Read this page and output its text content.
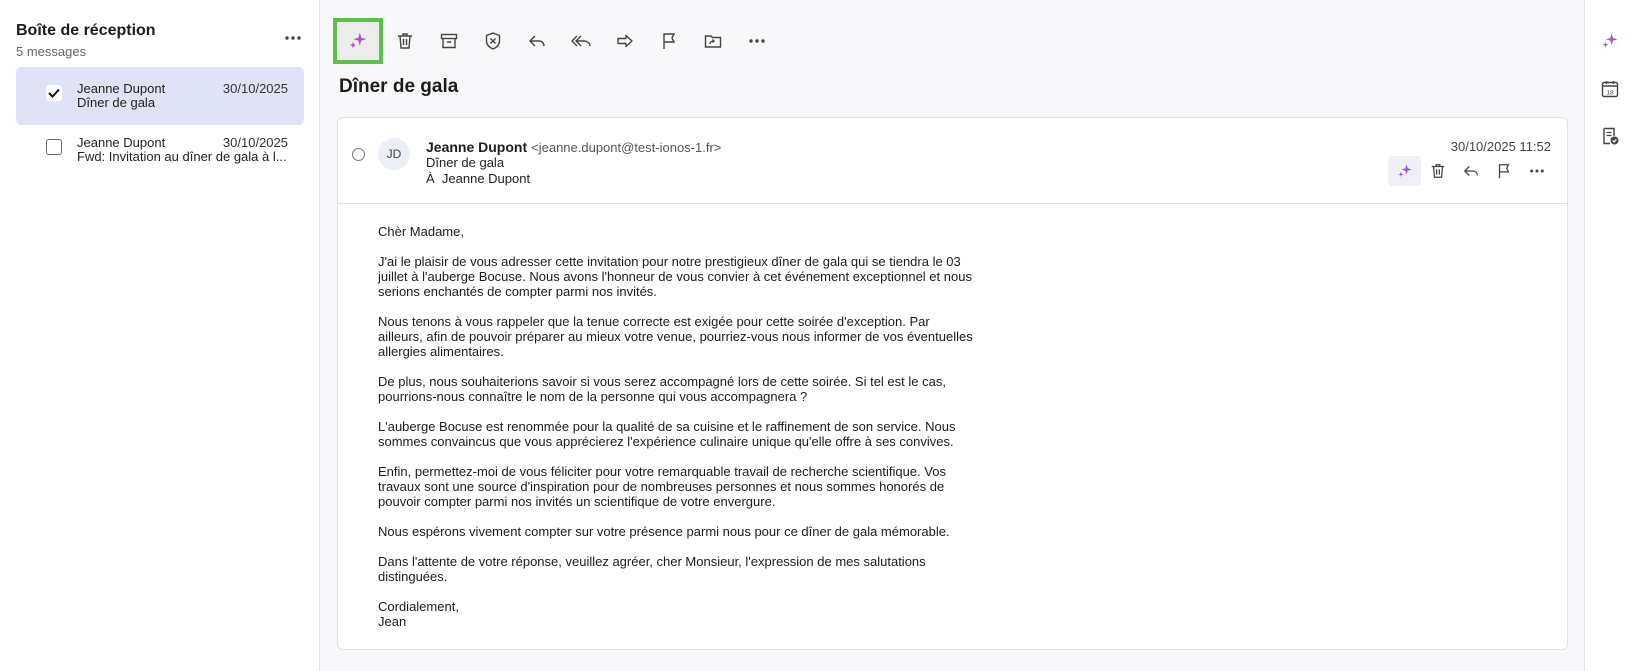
Boîte de réception
5 messages
Jeanne Dupont
Dîner de gala
30/10/2025
Jeanne Dupont
Fwd: Invitation au dîner de gala à l...
30/10/2025
Dîner de gala
JD	Jeanne Dupont <jeanne.dupont@test-ionos-1.fr>
Dîner de gala
À Jeanne Dupont
30/10/2025 11:52

Chèr Madame,

J'ai le plaisir de vous adresser cette invitation pour notre prestigieux dîner de gala qui se tiendra le 03 juillet à l'auberge Bocuse. Nous avons l'honneur de vous convier à cet événement exceptionnel et nous serions enchantés de compter parmi nos invités.

Nous tenons à vous rappeler que la tenue correcte est exigée pour cette soirée d'exception. Par ailleurs, afin de pouvoir préparer au mieux votre venue, pourriez-vous nous informer de vos éventuelles allergies alimentaires.

De plus, nous souhaiterions savoir si vous serez accompagné lors de cette soirée. Si tel est le cas, pourrions-nous connaître le nom de la personne qui vous accompagnera ?

L'auberge Bocuse est renommée pour la qualité de sa cuisine et le raffinement de son service. Nous sommes convaincus que vous apprécierez l'expérience culinaire unique qu'elle offre à ses convives.

Enfin, permettez-moi de vous féliciter pour votre remarquable travail de recherche scientifique. Vos travaux sont une source d'inspiration pour de nombreuses personnes et nous sommes honorés de pouvoir compter parmi nos invités un scientifique de votre envergure.

Nous espérons vivement compter sur votre présence parmi nous pour ce dîner de gala mémorable.

Dans l'attente de votre réponse, veuillez agréer, cher Monsieur, l'expression de mes salutations distinguées.

Cordialement,

Jean

18
